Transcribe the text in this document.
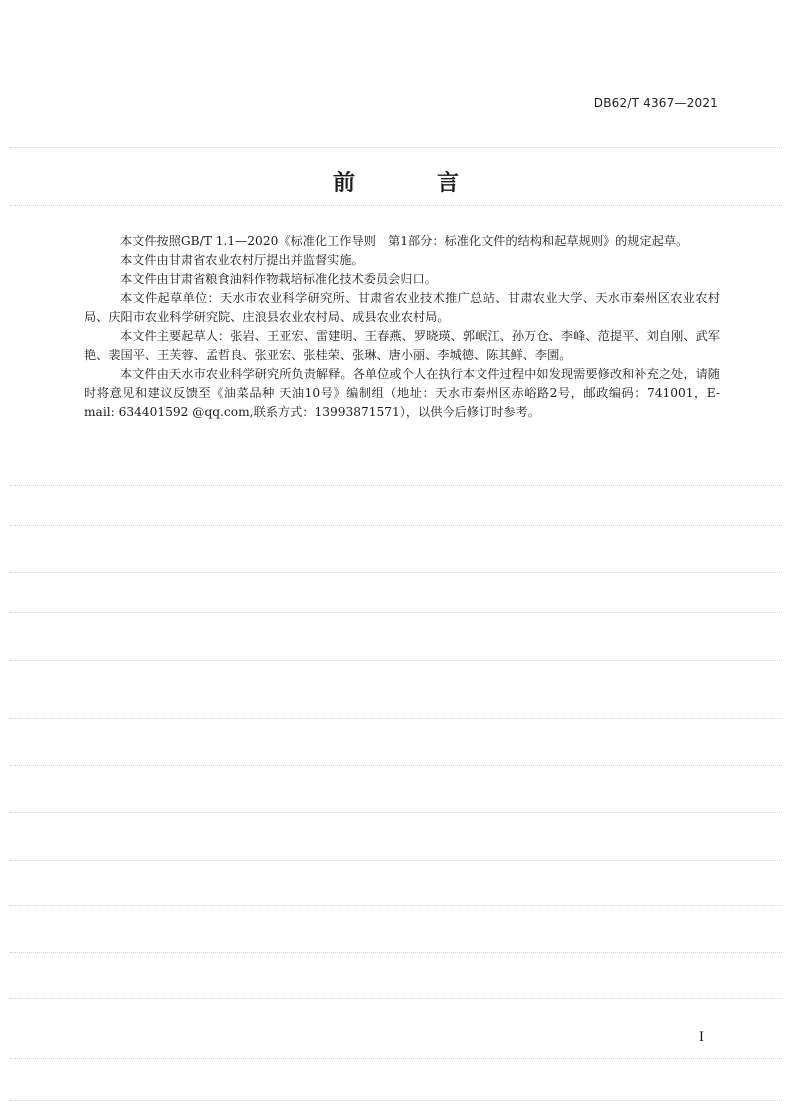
DB62/T 4367—2021
前　言

本文件按照GB/T 1.1—2020《标准化工作导则　第1部分：标准化文件的结构和起草规则》的规定起草。

本文件由甘肃省农业农村厅提出并监督实施。

本文件由甘肃省粮食油料作物栽培标准化技术委员会归口。

本文件起草单位：天水市农业科学研究所、甘肃省农业技术推广总站、甘肃农业大学、天水市秦州区农业农村局、庆阳市农业科学研究院、庄浪县农业农村局、成县农业农村局。

本文件主要起草人：张岩、王亚宏、雷建明、王春燕、罗晓瑛、郭岷江、孙万仓、李峰、范提平、刘自刚、武军艳、裴国平、王芙蓉、孟哲良、张亚宏、张桂荣、张琳、唐小丽、李城德、陈其鲜、李園。

本文件由天水市农业科学研究所负责解释。各单位或个人在执行本文件过程中如发现需要修改和补充之处，请随时将意见和建议反馈至《油菜品种 天油10号》编制组（地址：天水市秦州区赤峪路2号，邮政编码：741001，E-mail: 634401592 @qq.com,联系方式：13993871571），以供今后修订时参考。

I
